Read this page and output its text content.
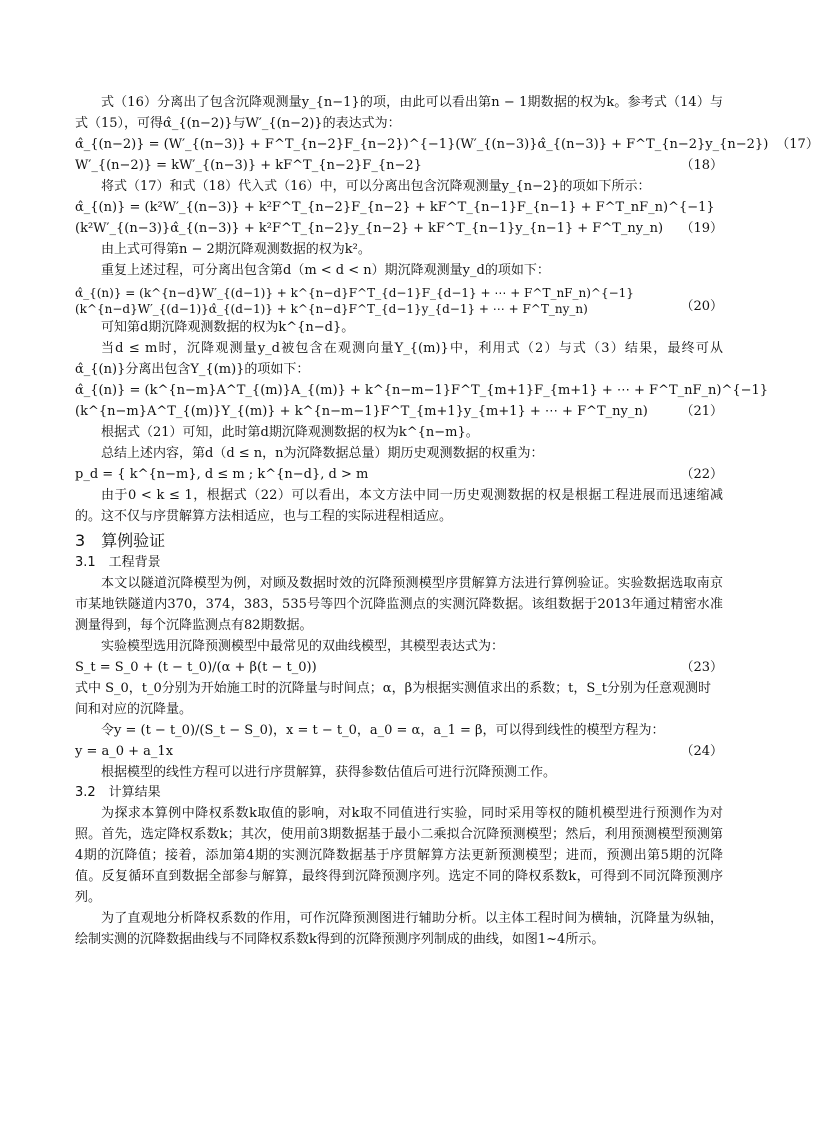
式（16）分离出了包含沉降观测量y_{n−1}的项，由此可以看出第n − 1期数据的权为k。参考式（14）与式（15），可得α̂_{(n−2)}与W′_{(n−2)}的表达式为：

α̂_{(n−2)} = (W′_{(n−3)} + F^T_{n−2}F_{n−2})^{−1}(W′_{(n−3)}α̂_{(n−3)} + F^T_{n−2}y_{n−2}) （17）
W′_{(n−2)} = kW′_{(n−3)} + kF^T_{n−2}F_{n−2}	（18）

将式（17）和式（18）代入式（16）中，可以分离出包含沉降观测量y_{n−2}的项如下所示：

α̂_{(n)} = (k²W′_{(n−3)} + k²F^T_{n−2}F_{n−2} + kF^T_{n−1}F_{n−1} + F^T_nF_n)^{−1}
(k²W′_{(n−3)}α̂_{(n−3)} + k²F^T_{n−2}y_{n−2} + kF^T_{n−1}y_{n−1} + F^T_ny_n)	（19）

由上式可得第n − 2期沉降观测数据的权为k²。

重复上述过程，可分离出包含第d（m < d < n）期沉降观测量y_d的项如下：

α̂_{(n)} = (k^{n−d}W′_{(d−1)} + k^{n−d}F^T_{d−1}F_{d−1} + ⋯ + F^T_nF_n)^{−1}(k^{n−d}W′_{(d−1)}α̂_{(d−1)} + k^{n−d}F^T_{d−1}y_{d−1} + ⋯ + F^T_ny_n)	（20）

可知第d期沉降观测数据的权为k^{n−d}。

当d ≤ m时，沉降观测量y_d被包含在观测向量Y_{(m)}中，利用式（2）与式（3）结果，最终可从α̂_{(n)}分离出包含Y_{(m)}的项如下：

α̂_{(n)} = (k^{n−m}A^T_{(m)}A_{(m)} + k^{n−m−1}F^T_{m+1}F_{m+1} + ⋯ + F^T_nF_n)^{−1}
(k^{n−m}A^T_{(m)}Y_{(m)} + k^{n−m−1}F^T_{m+1}y_{m+1} + ⋯ + F^T_ny_n)	（21）

根据式（21）可知，此时第d期沉降观测数据的权为k^{n−m}。

总结上述内容，第d（d ≤ n，n为沉降数据总量）期历史观测数据的权重为：

p_d = { k^{n−m}, d ≤ m ; k^{n−d}, d > m	（22）

由于0 < k ≤ 1，根据式（22）可以看出，本文方法中同一历史观测数据的权是根据工程进展而迅速缩减的。这不仅与序贯解算方法相适应，也与工程的实际进程相适应。

3　算例验证
3.1　工程背景

本文以隧道沉降模型为例，对顾及数据时效的沉降预测模型序贯解算方法进行算例验证。实验数据选取南京市某地铁隧道内370，374，383，535号等四个沉降监测点的实测沉降数据。该组数据于2013年通过精密水准测量得到，每个沉降监测点有82期数据。

实验模型选用沉降预测模型中最常见的双曲线模型，其模型表达式为：

S_t = S_0 + (t − t_0)/(α + β(t − t_0))	（23）

式中 S_0，t_0分别为开始施工时的沉降量与时间点；α，β为根据实测值求出的系数；t，S_t分别为任意观测时间和对应的沉降量。

令y = (t − t_0)/(S_t − S_0)，x = t − t_0，a_0 = α，a_1 = β，可以得到线性的模型方程为：

y = a_0 + a_1x	（24）

根据模型的线性方程可以进行序贯解算，获得参数估值后可进行沉降预测工作。

3.2　计算结果

为探求本算例中降权系数k取值的影响，对k取不同值进行实验，同时采用等权的随机模型进行预测作为对照。首先，选定降权系数k；其次，使用前3期数据基于最小二乘拟合沉降预测模型；然后，利用预测模型预测第4期的沉降值；接着，添加第4期的实测沉降数据基于序贯解算方法更新预测模型；进而，预测出第5期的沉降值。反复循环直到数据全部参与解算，最终得到沉降预测序列。选定不同的降权系数k，可得到不同沉降预测序列。

为了直观地分析降权系数的作用，可作沉降预测图进行辅助分析。以主体工程时间为横轴，沉降量为纵轴，绘制实测的沉降数据曲线与不同降权系数k得到的沉降预测序列制成的曲线，如图1~4所示。
